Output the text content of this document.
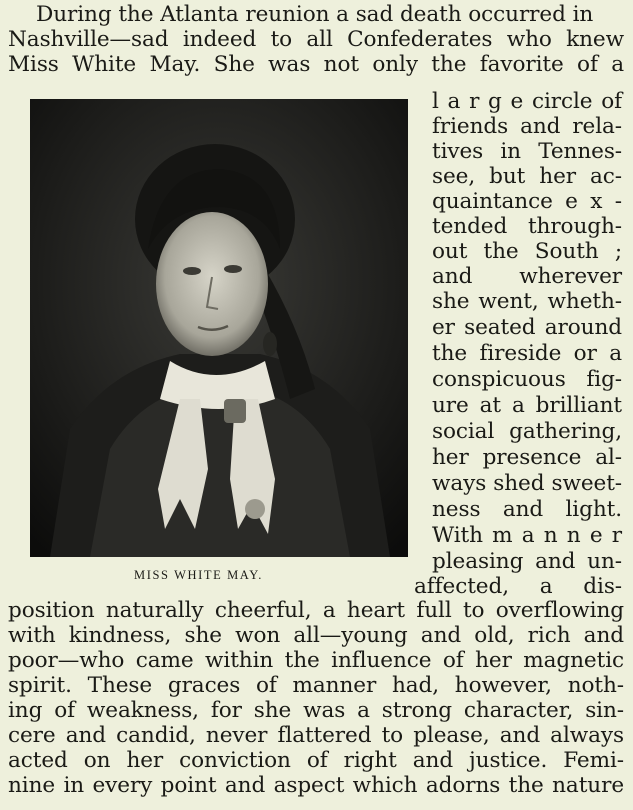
During the Atlanta reunion a sad death occurred in
Nashville—sad indeed to all Confederates who knew
Miss White May. She was not only the favorite of a
MISS WHITE MAY.
l a r g e circle of
friends and rela-
tives in Tennes-
see, but her ac-
quaintance e x -
tended through-
out the South ;
and wherever
she went, wheth-
er seated around
the fireside or a
conspicuous fig-
ure at a brilliant
social gathering,
her presence al-
ways shed sweet-
ness and light.
With m a n n e r
pleasing and un-
affected, a dis-
position naturally cheerful, a heart full to overflowing
with kindness, she won all—young and old, rich and
poor—who came within the influence of her magnetic
spirit. These graces of manner had, however, noth-
ing of weakness, for she was a strong character, sin-
cere and candid, never flattered to please, and always
acted on her conviction of right and justice. Femi-
nine in every point and aspect which adorns the nature
